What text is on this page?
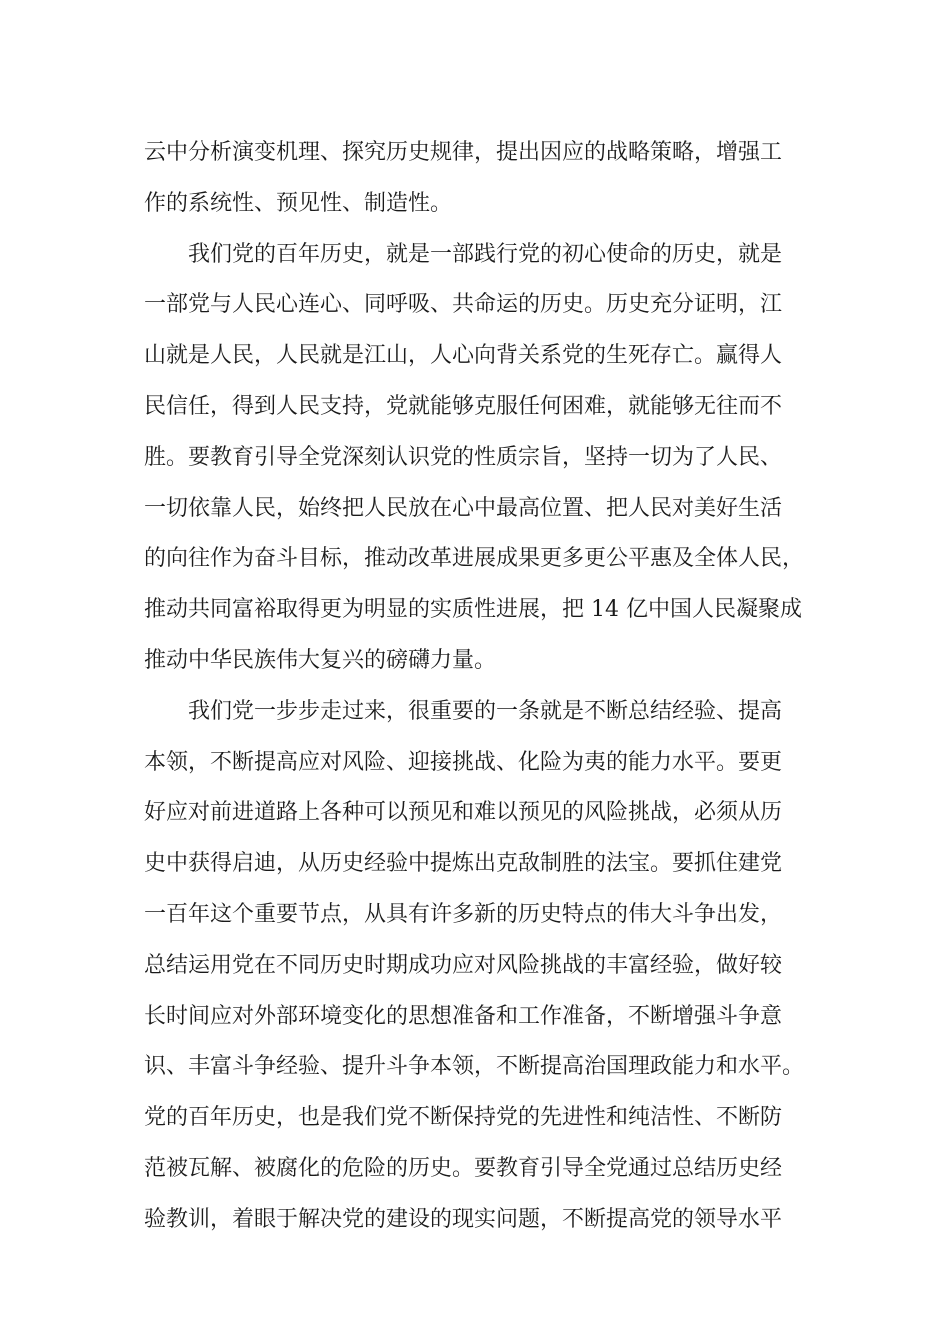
云中分析演变机理、探究历史规律，提出因应的战略策略，增强工
作的系统性、预见性、制造性。
我们党的百年历史，就是一部践行党的初心使命的历史，就是
一部党与人民心连心、同呼吸、共命运的历史。历史充分证明，江
山就是人民，人民就是江山，人心向背关系党的生死存亡。赢得人
民信任，得到人民支持，党就能够克服任何困难，就能够无往而不
胜。要教育引导全党深刻认识党的性质宗旨，坚持一切为了人民、
一切依靠人民，始终把人民放在心中最高位置、把人民对美好生活
的向往作为奋斗目标，推动改革进展成果更多更公平惠及全体人民，
推动共同富裕取得更为明显的实质性进展，把 14 亿中国人民凝聚成
推动中华民族伟大复兴的磅礴力量。
我们党一步步走过来，很重要的一条就是不断总结经验、提高
本领，不断提高应对风险、迎接挑战、化险为夷的能力水平。要更
好应对前进道路上各种可以预见和难以预见的风险挑战，必须从历
史中获得启迪，从历史经验中提炼出克敌制胜的法宝。要抓住建党
一百年这个重要节点，从具有许多新的历史特点的伟大斗争出发，
总结运用党在不同历史时期成功应对风险挑战的丰富经验，做好较
长时间应对外部环境变化的思想准备和工作准备，不断增强斗争意
识、丰富斗争经验、提升斗争本领，不断提高治国理政能力和水平。
党的百年历史，也是我们党不断保持党的先进性和纯洁性、不断防
范被瓦解、被腐化的危险的历史。要教育引导全党通过总结历史经
验教训，着眼于解决党的建设的现实问题，不断提高党的领导水平
